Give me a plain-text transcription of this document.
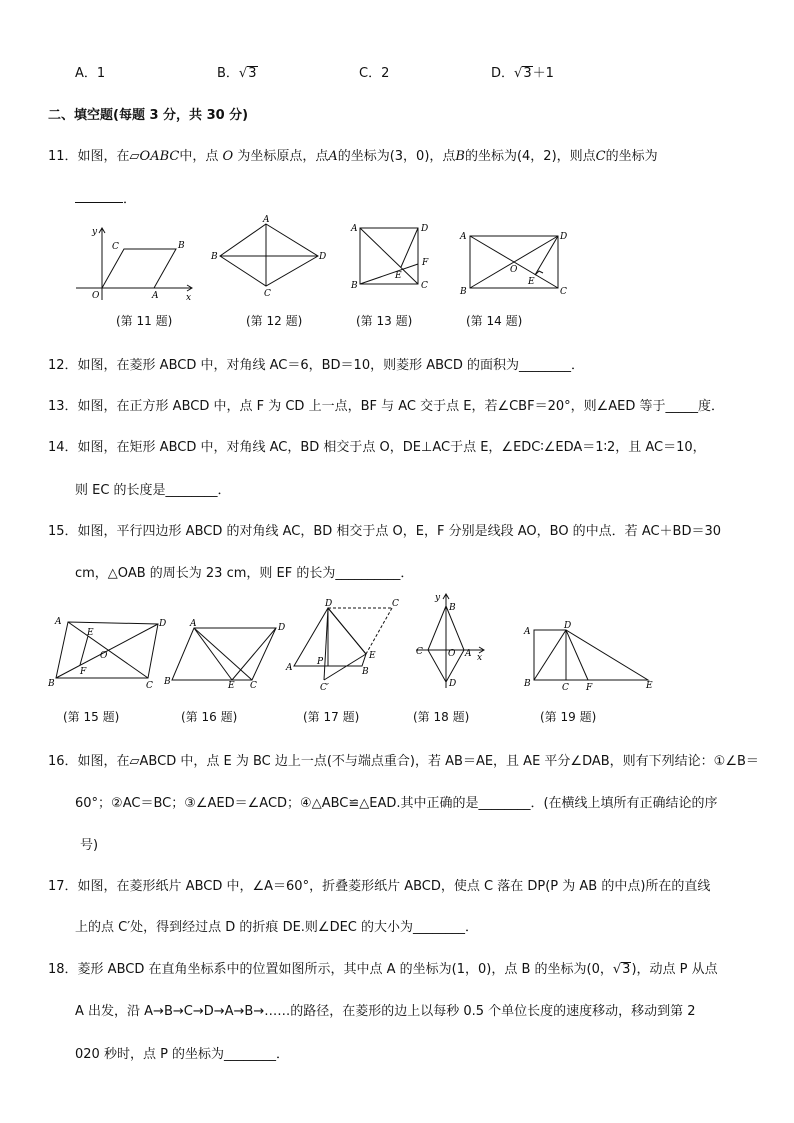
A．1	B．√3	C．2	D．√3＋1
二、填空题(每题 3 分，共 30 分)
11．如图，在▱OABC中，点 O 为坐标原点，点A的坐标为(3，0)，点B的坐标为(4，2)，则点C的坐标为
．
y
x
C	B
O	A
(第 11 题)
A
B
C
D
(第 12 题)
A
B	C
D
E
F
(第 13 题)
A
B	C
D
O
E
(第 14 题)
12．如图，在菱形 ABCD 中，对角线 AC＝6，BD＝10，则菱形 ABCD 的面积为________．
13．如图，在正方形 ABCD 中，点 F 为 CD 上一点，BF 与 AC 交于点 E，若∠CBF＝20°，则∠AED 等于_____度．
14．如图，在矩形 ABCD 中，对角线 AC，BD 相交于点 O，DE⊥AC于点 E，∠EDC∶∠EDA＝1∶2，且 AC＝10，
则 EC 的长度是________．
15．如图，平行四边形 ABCD 的对角线 AC，BD 相交于点 O，E，F 分别是线段 AO，BO 的中点．若 AC＋BD＝30
cm，△OAB 的周长为 23 cm，则 EF 的长为__________．
A
B	C
D
E
F
O
(第 15 题)
A
B	C
D
E
(第 16 题)
D	C
E
B
A
P
C′
(第 17 题)
y
x
B
C	O A
D
(第 18 题)
A
D
B	C F	E
(第 19 题)
16．如图，在▱ABCD 中，点 E 为 BC 边上一点(不与端点重合)，若 AB＝AE，且 AE 平分∠DAB，则有下列结论：①∠B＝
60°；②AC＝BC；③∠AED＝∠ACD；④△ABC≌△EAD.其中正确的是________．(在横线上填所有正确结论的序
号)
17．如图，在菱形纸片 ABCD 中，∠A＝60°，折叠菱形纸片 ABCD，使点 C 落在 DP(P 为 AB 的中点)所在的直线
上的点 C′处，得到经过点 D 的折痕 DE.则∠DEC 的大小为________．
18．菱形 ABCD 在直角坐标系中的位置如图所示，其中点 A 的坐标为(1，0)，点 B 的坐标为(0，√3)，动点 P 从点
A 出发，沿 A→B→C→D→A→B→……的路径，在菱形的边上以每秒 0.5 个单位长度的速度移动，移动到第 2
020 秒时，点 P 的坐标为________．
